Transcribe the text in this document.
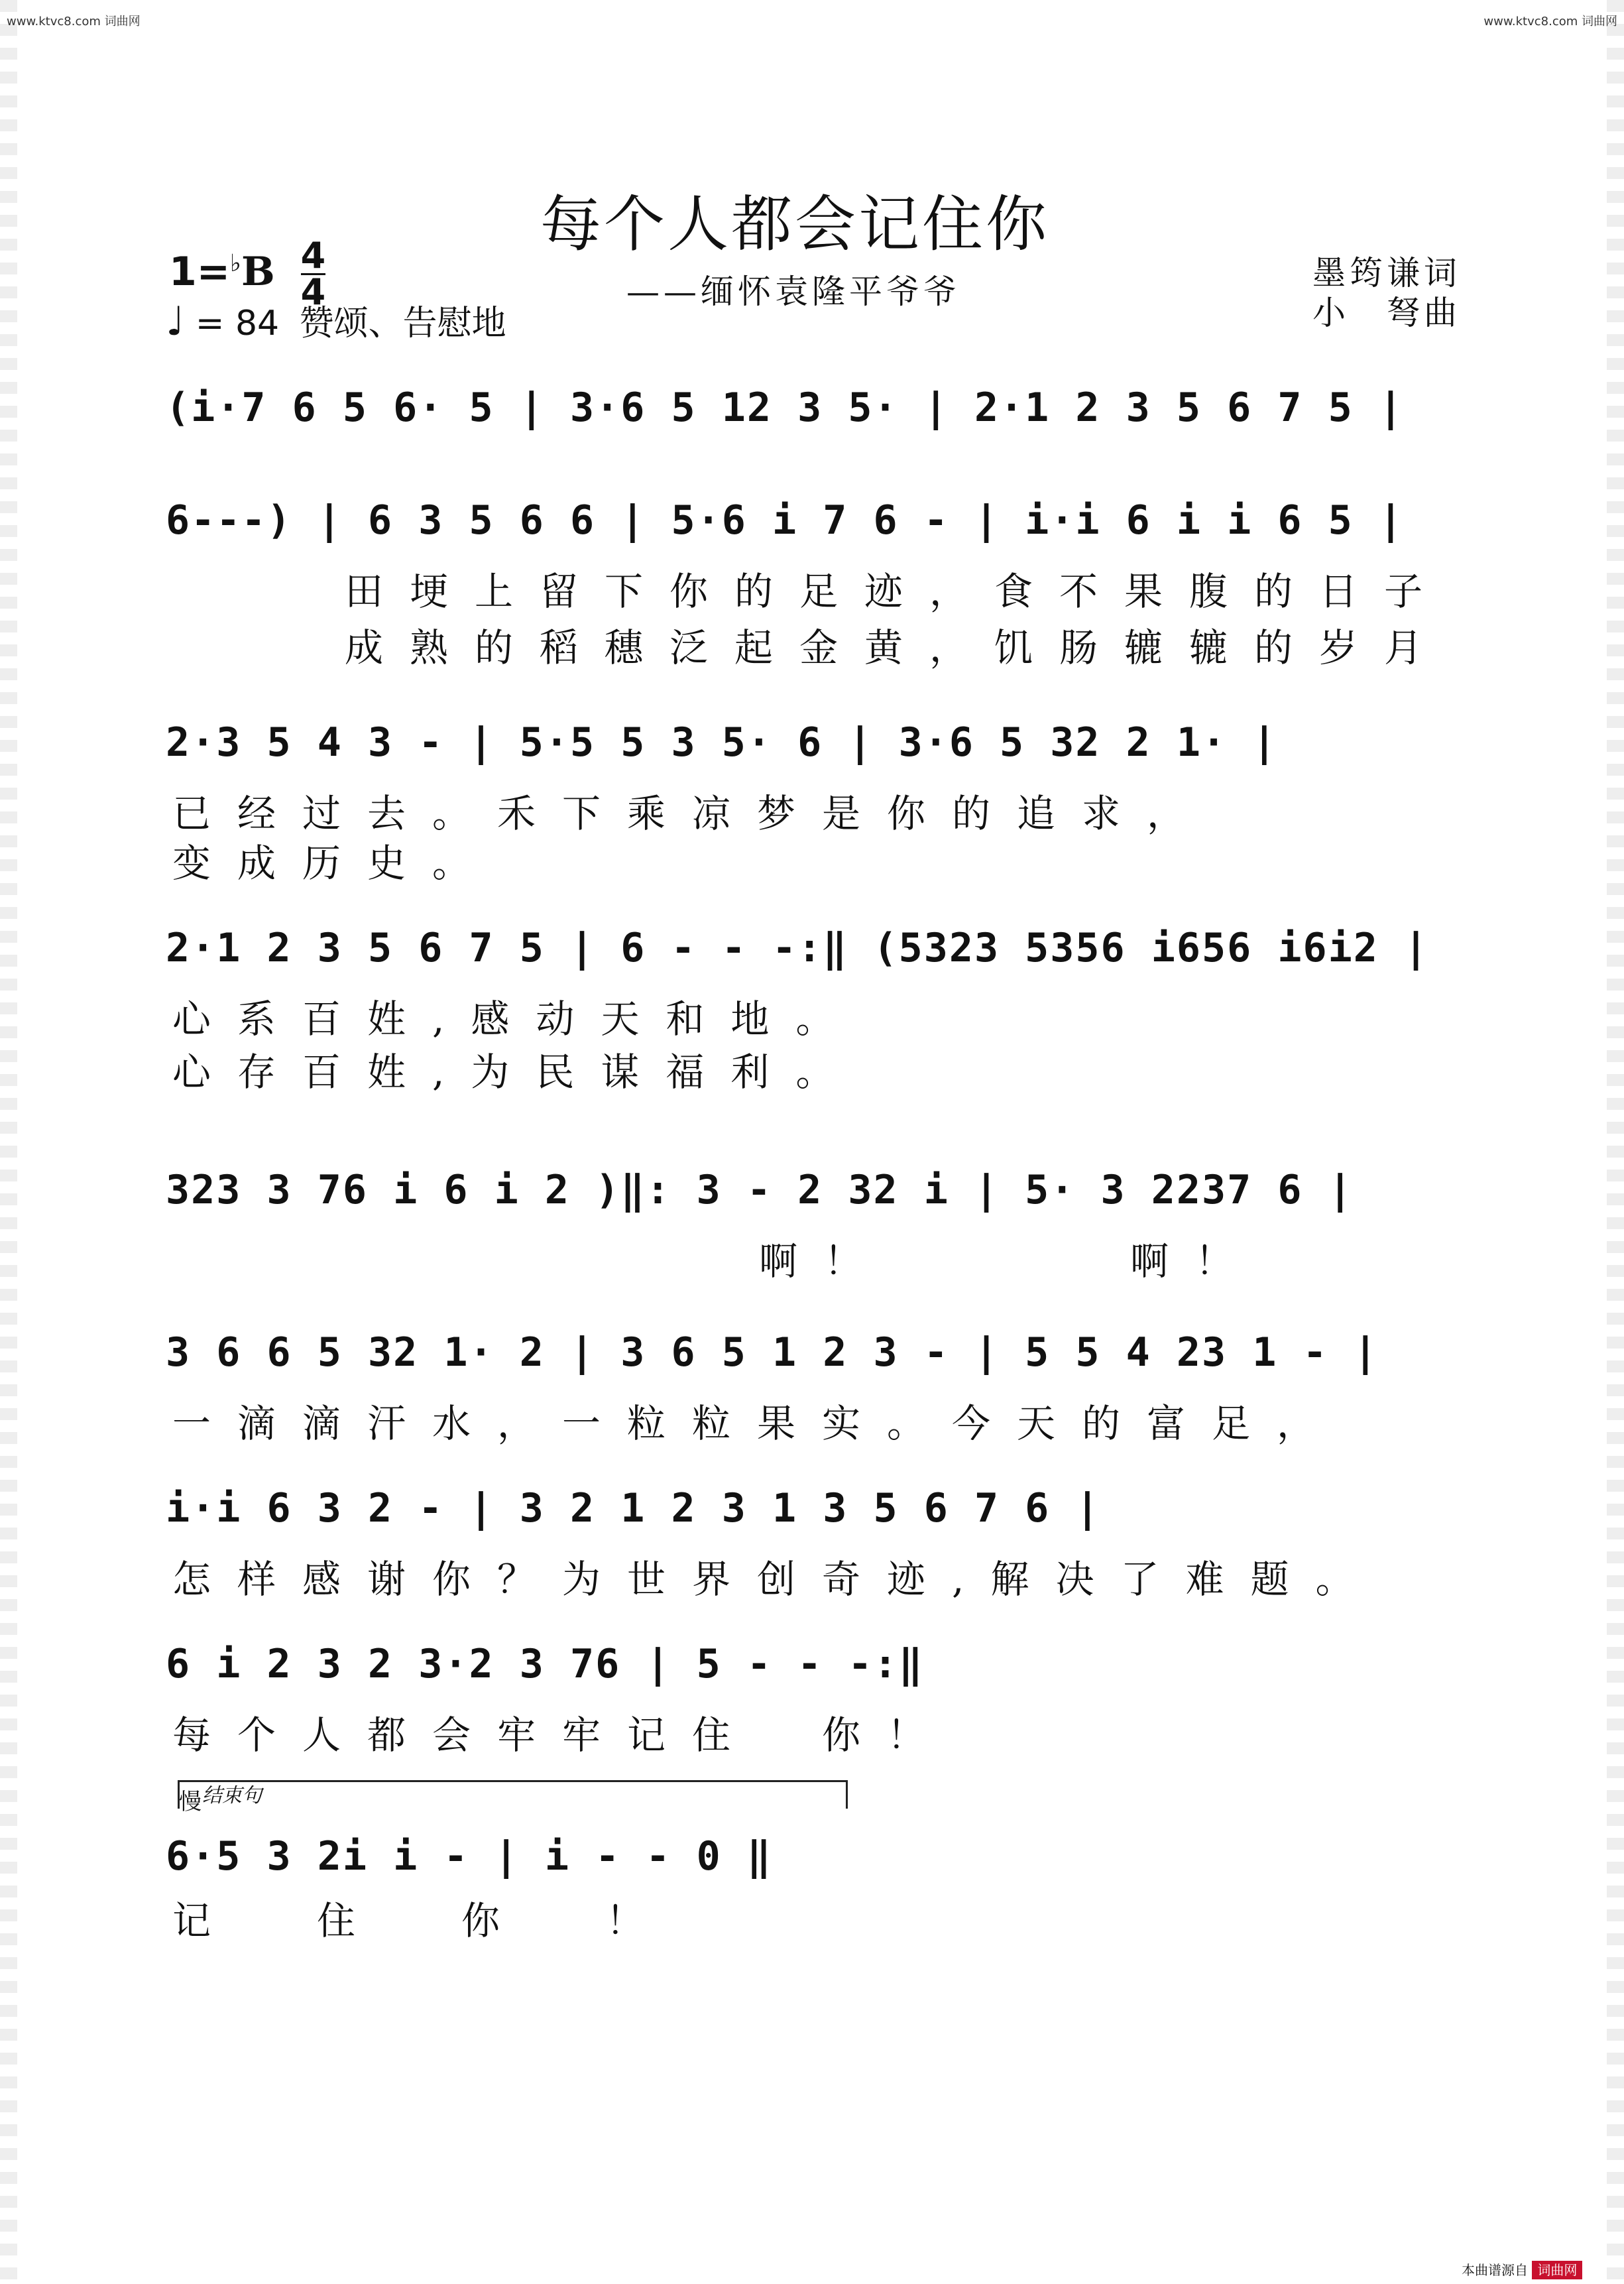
www.ktvc8.com 词曲网	www.ktvc8.com 词曲网
每个人都会记住你
——缅怀袁隆平爷爷	墨筠谦词
小　弩曲
$1=^♭B \frac{4}{4}$
♩ = 84 赞颂、告慰地
(i·7 6 5 6· 5 | 3·6 5 12 3 5· | 2·1 2 3 5 6 7 5 |
6---) | 6 3 5 6 6 | 5·6 i 7 6 - | i·i 6 i i 6 5 |
田埂上留下你的足迹，食不果腹的日子
成熟的稻穗泛起金黄，饥肠辘辘的岁月
2·3 5 4 3 - | 5·5 5 3 5· 6 | 3·6 5 32 2 1· |
已经过去。禾下乘凉梦是你的追求，
变成历史。
2·1 2 3 5 6 7 5 | 6 - - -:‖ (5323 5356 i656 i6i2 |
心系百姓,感动天和地。
心存百姓,为民谋福利。
323 3 76 i 6 i 2 )‖: 3 - 2 32 i | 5· 3 2237 6 |
啊！	啊！
3 6 6 5 32 1· 2 | 3 6 5 1 2 3 - | 5 5 4 23 1 - |
一滴滴汗水，一粒粒果实。今天的富足，
i·i 6 3 2 - | 3 2 1 2 3 1 3 5 6 7 6 |
怎样感谢你？为世界创奇迹,解决了难题。
6 i 2 3 2 3·2 3 76 | 5 - - -:‖
每个人都会牢牢记住　你！
慢 结束句
6·5 3 2i i - | i - - 0 ‖
记住你！
本曲谱源自 词曲网
